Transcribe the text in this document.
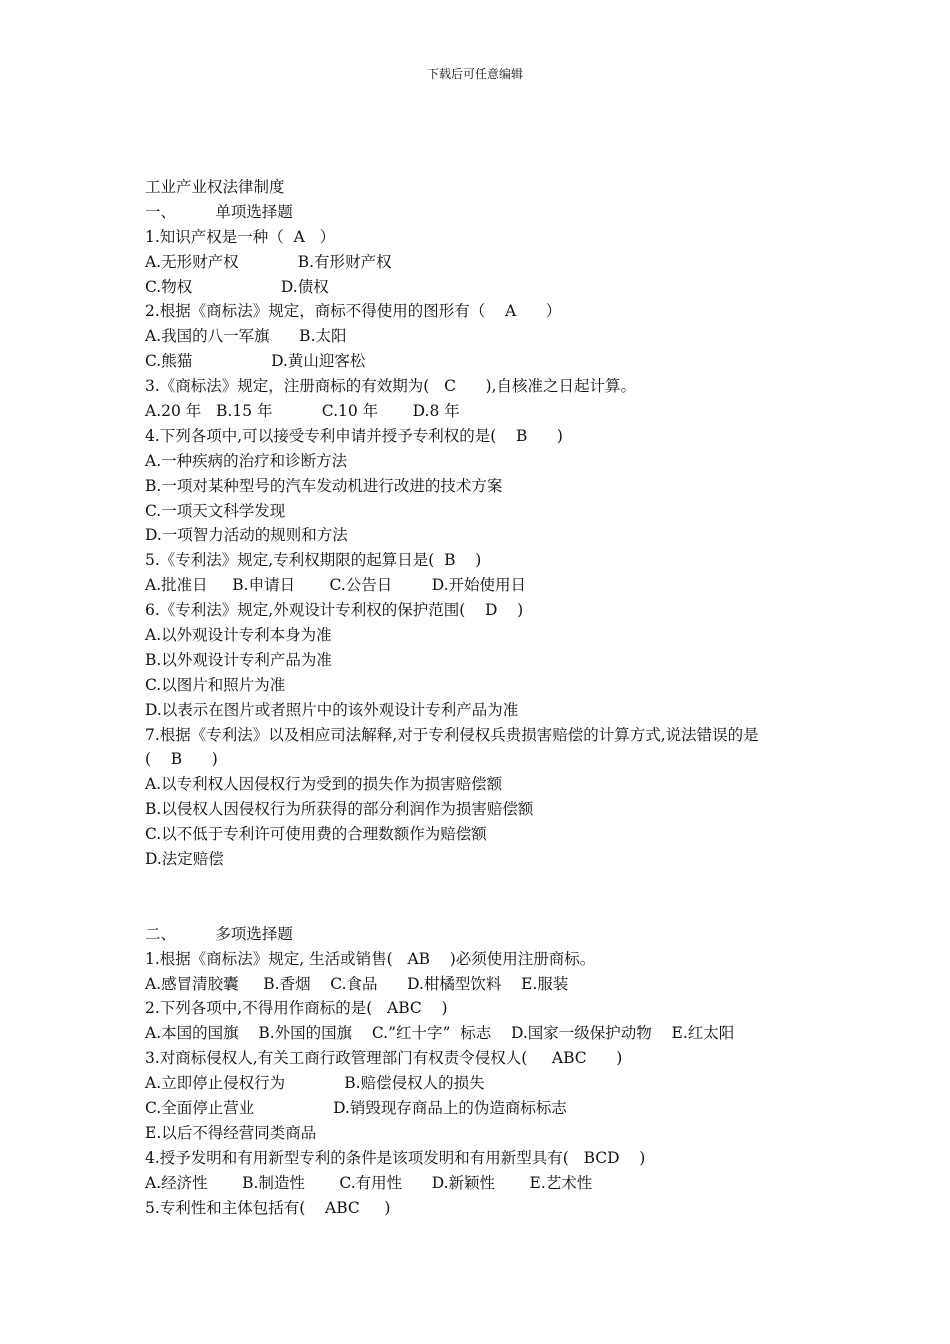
下载后可任意编辑
工业产业权法律制度
一、        单项选择题
1.知识产权是一种（  A   ）
A.无形财产权            B.有形财产权
C.物权                  D.债权
2.根据《商标法》规定，商标不得使用的图形有（    A      ）
A.我国的八一军旗      B.太阳
C.熊猫                D.黄山迎客松
3.《商标法》规定，注册商标的有效期为(   C      ),自核准之日起计算。
A.20 年   B.15 年          C.10 年       D.8 年
4.下列各项中,可以接受专利申请并授予专利权的是(    B      )
A.一种疾病的治疗和诊断方法
B.一项对某种型号的汽车发动机进行改进的技术方案
C.一项天文科学发现
D.一项智力活动的规则和方法
5.《专利法》规定,专利权期限的起算日是(  B    )
A.批准日     B.申请日       C.公告日        D.开始使用日
6.《专利法》规定,外观设计专利权的保护范围(    D    )
A.以外观设计专利本身为准
B.以外观设计专利产品为准
C.以图片和照片为准
D.以表示在图片或者照片中的该外观设计专利产品为准
7.根据《专利法》以及相应司法解释,对于专利侵权兵贵损害赔偿的计算方式,说法错误的是
(    B      )
A.以专利权人因侵权行为受到的损失作为损害赔偿额
B.以侵权人因侵权行为所获得的部分利润作为损害赔偿额
C.以不低于专利许可使用费的合理数额作为赔偿额
D.法定赔偿
二、        多项选择题
1.根据《商标法》规定, 生活或销售(   AB    )必须使用注册商标。
A.感冒清胶囊     B.香烟    C.食品      D.柑橘型饮料    E.服装
2.下列各项中,不得用作商标的是(   ABC    )
A.本国的国旗    B.外国的国旗    C.”红十字”  标志    D.国家一级保护动物    E.红太阳
3.对商标侵权人,有关工商行政管理部门有权责令侵权人(     ABC      )
A.立即停止侵权行为            B.赔偿侵权人的损失
C.全面停止营业                D.销毁现存商品上的伪造商标标志
E.以后不得经营同类商品
4.授予发明和有用新型专利的条件是该项发明和有用新型具有(   BCD    )
A.经济性       B.制造性       C.有用性      D.新颖性       E.艺术性
5.专利性和主体包括有(    ABC     )
